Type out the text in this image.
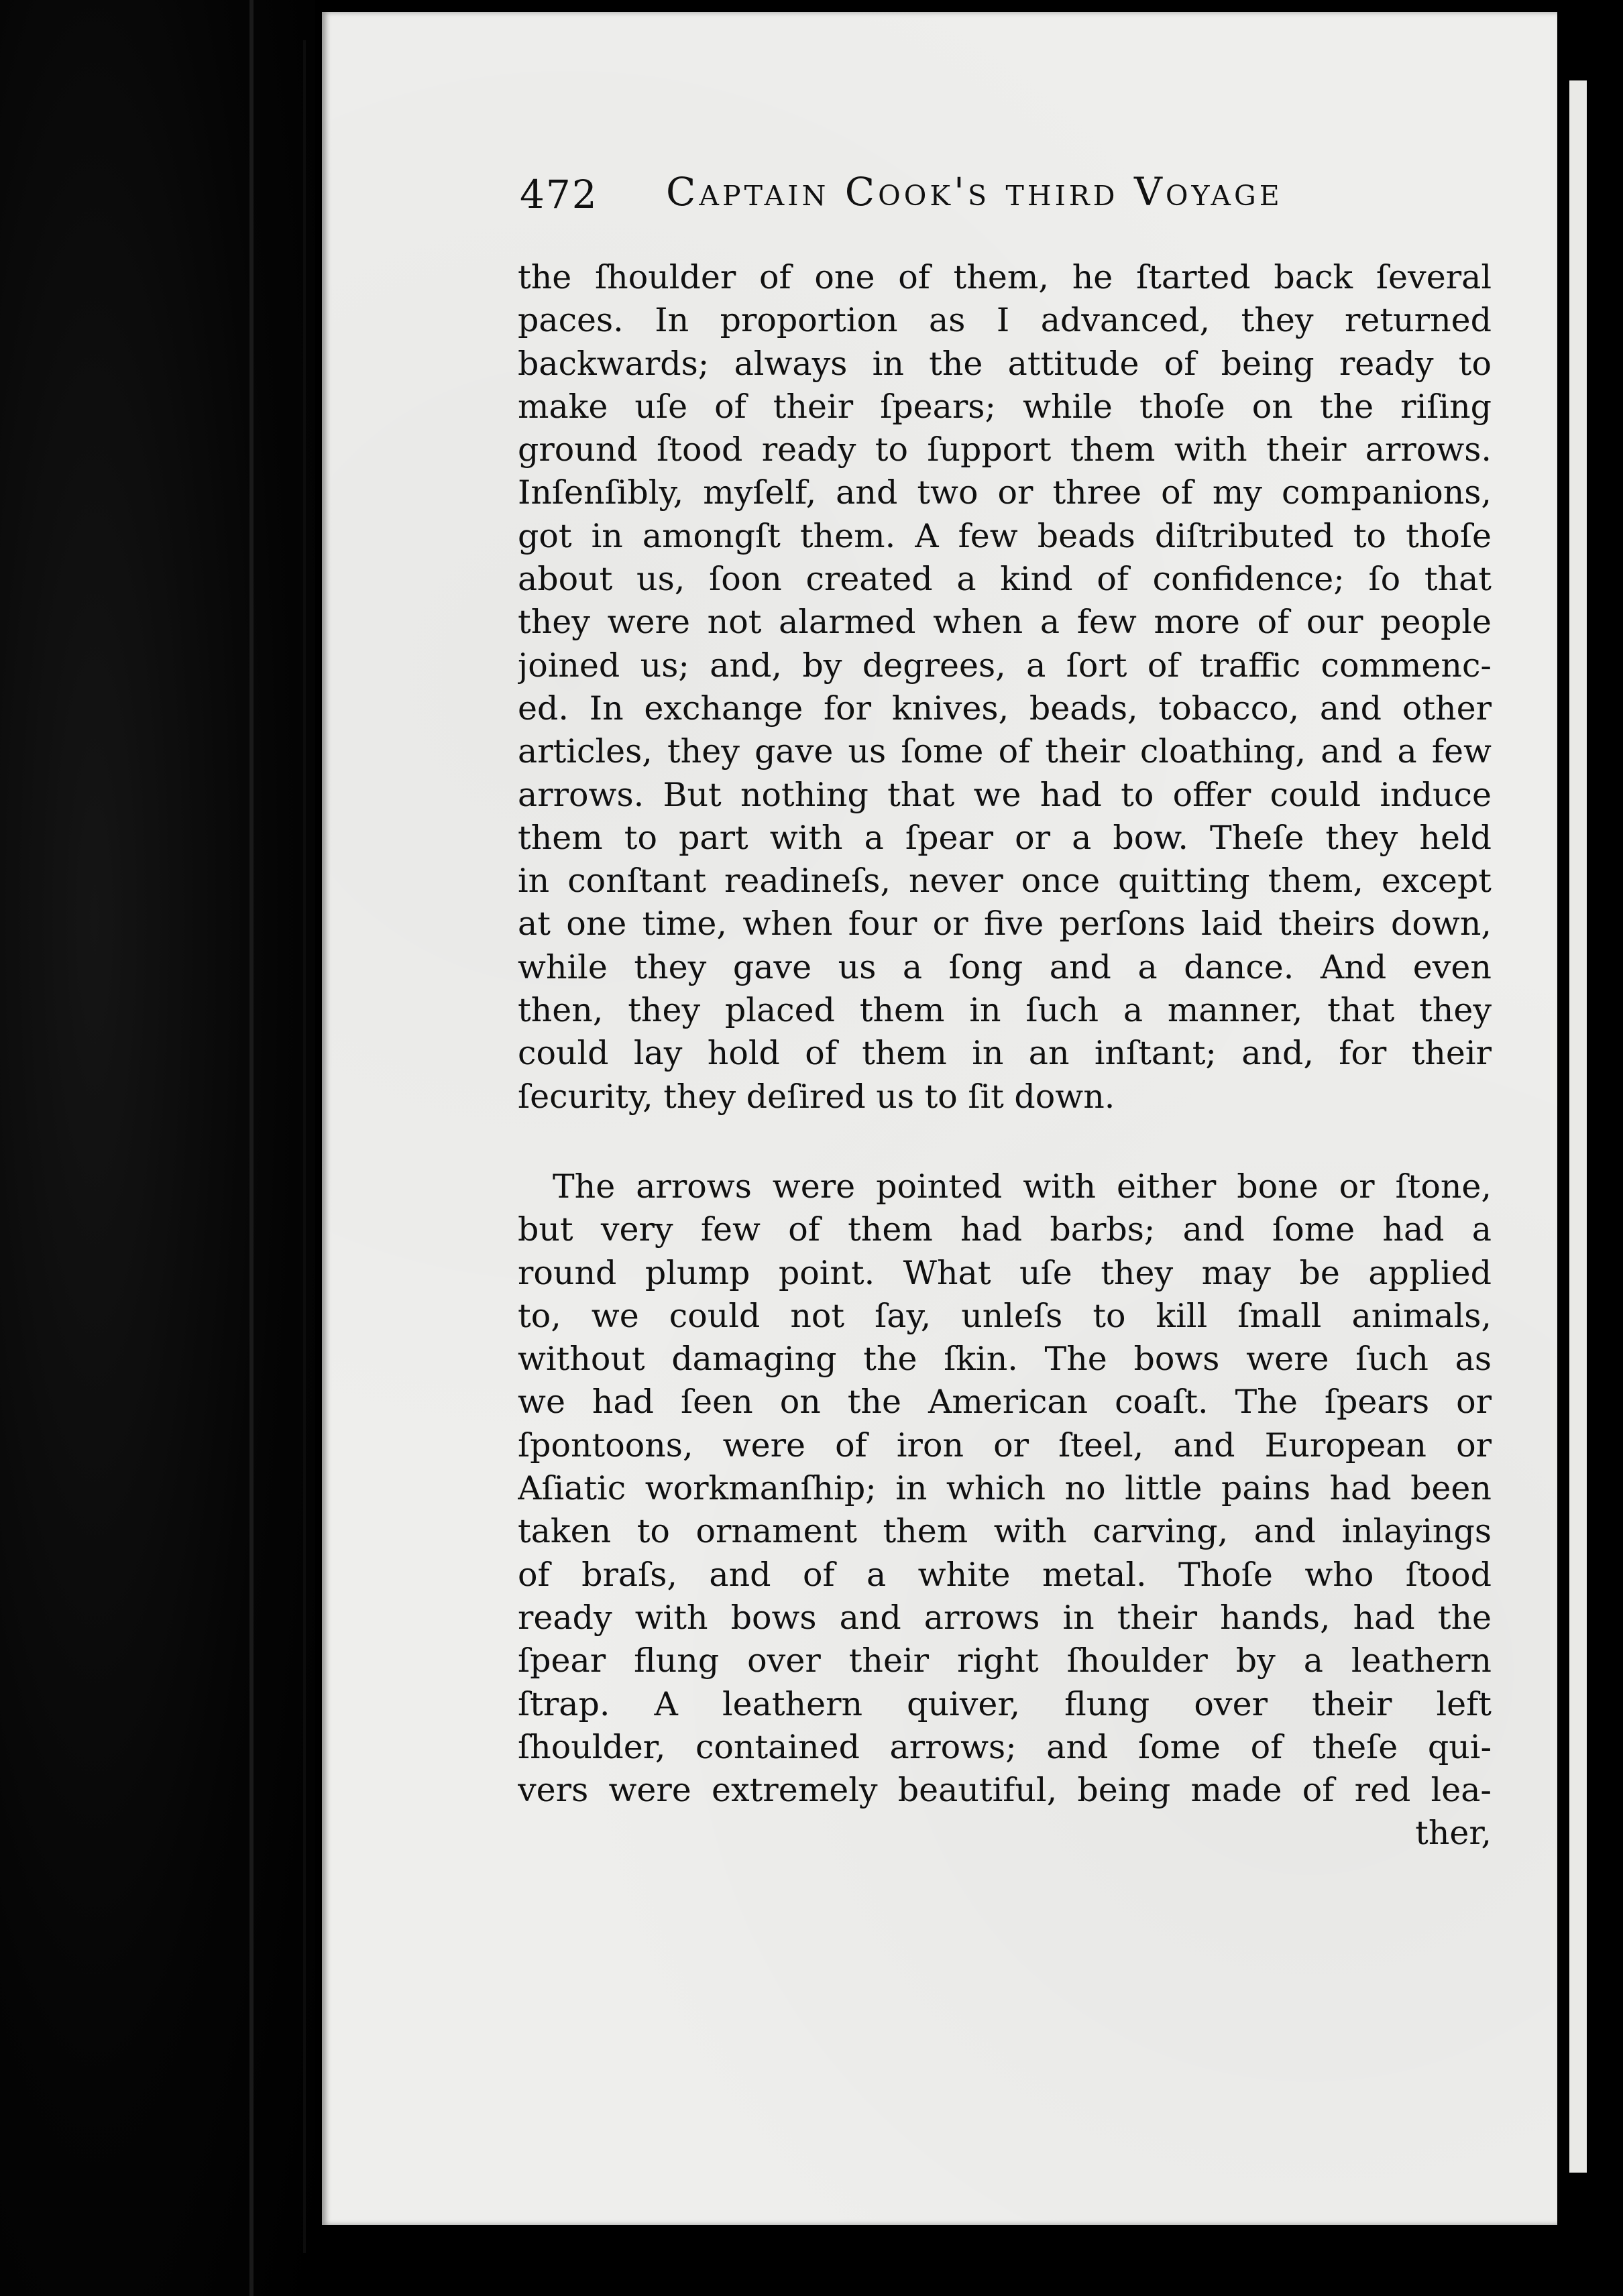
472 Captain Cook's third Voyage
the ſhoulder of one of them, he ſtarted back ſeveral
paces. In proportion as I advanced, they returned
backwards; always in the attitude of being ready to
make uſe of their ſpears; while thoſe on the riſing
ground ſtood ready to ſupport them with their arrows.
Inſenſibly, myſelf, and two or three of my companions,
got in amongſt them. A few beads diſtributed to thoſe
about us, ſoon created a kind of confidence; ſo that
they were not alarmed when a few more of our people
joined us; and, by degrees, a ſort of traffic commenc-
ed. In exchange for knives, beads, tobacco, and other
articles, they gave us ſome of their cloathing, and a few
arrows. But nothing that we had to offer could induce
them to part with a ſpear or a bow. Theſe they held
in conſtant readineſs, never once quitting them, except
at one time, when four or five perſons laid theirs down,
while they gave us a ſong and a dance. And even
then, they placed them in ſuch a manner, that they
could lay hold of them in an inſtant; and, for their
ſecurity, they deſired us to ſit down.
The arrows were pointed with either bone or ſtone,
but very few of them had barbs; and ſome had a
round plump point. What uſe they may be applied
to, we could not ſay, unleſs to kill ſmall animals,
without damaging the ſkin. The bows were ſuch as
we had ſeen on the American coaſt. The ſpears or
ſpontoons, were of iron or ſteel, and European or
Aſiatic workmanſhip; in which no little pains had been
taken to ornament them with carving, and inlayings
of braſs, and of a white metal. Thoſe who ſtood
ready with bows and arrows in their hands, had the
ſpear flung over their right ſhoulder by a leathern
ſtrap. A leathern quiver, flung over their left
ſhoulder, contained arrows; and ſome of theſe qui-
vers were extremely beautiful, being made of red lea-
ther,
